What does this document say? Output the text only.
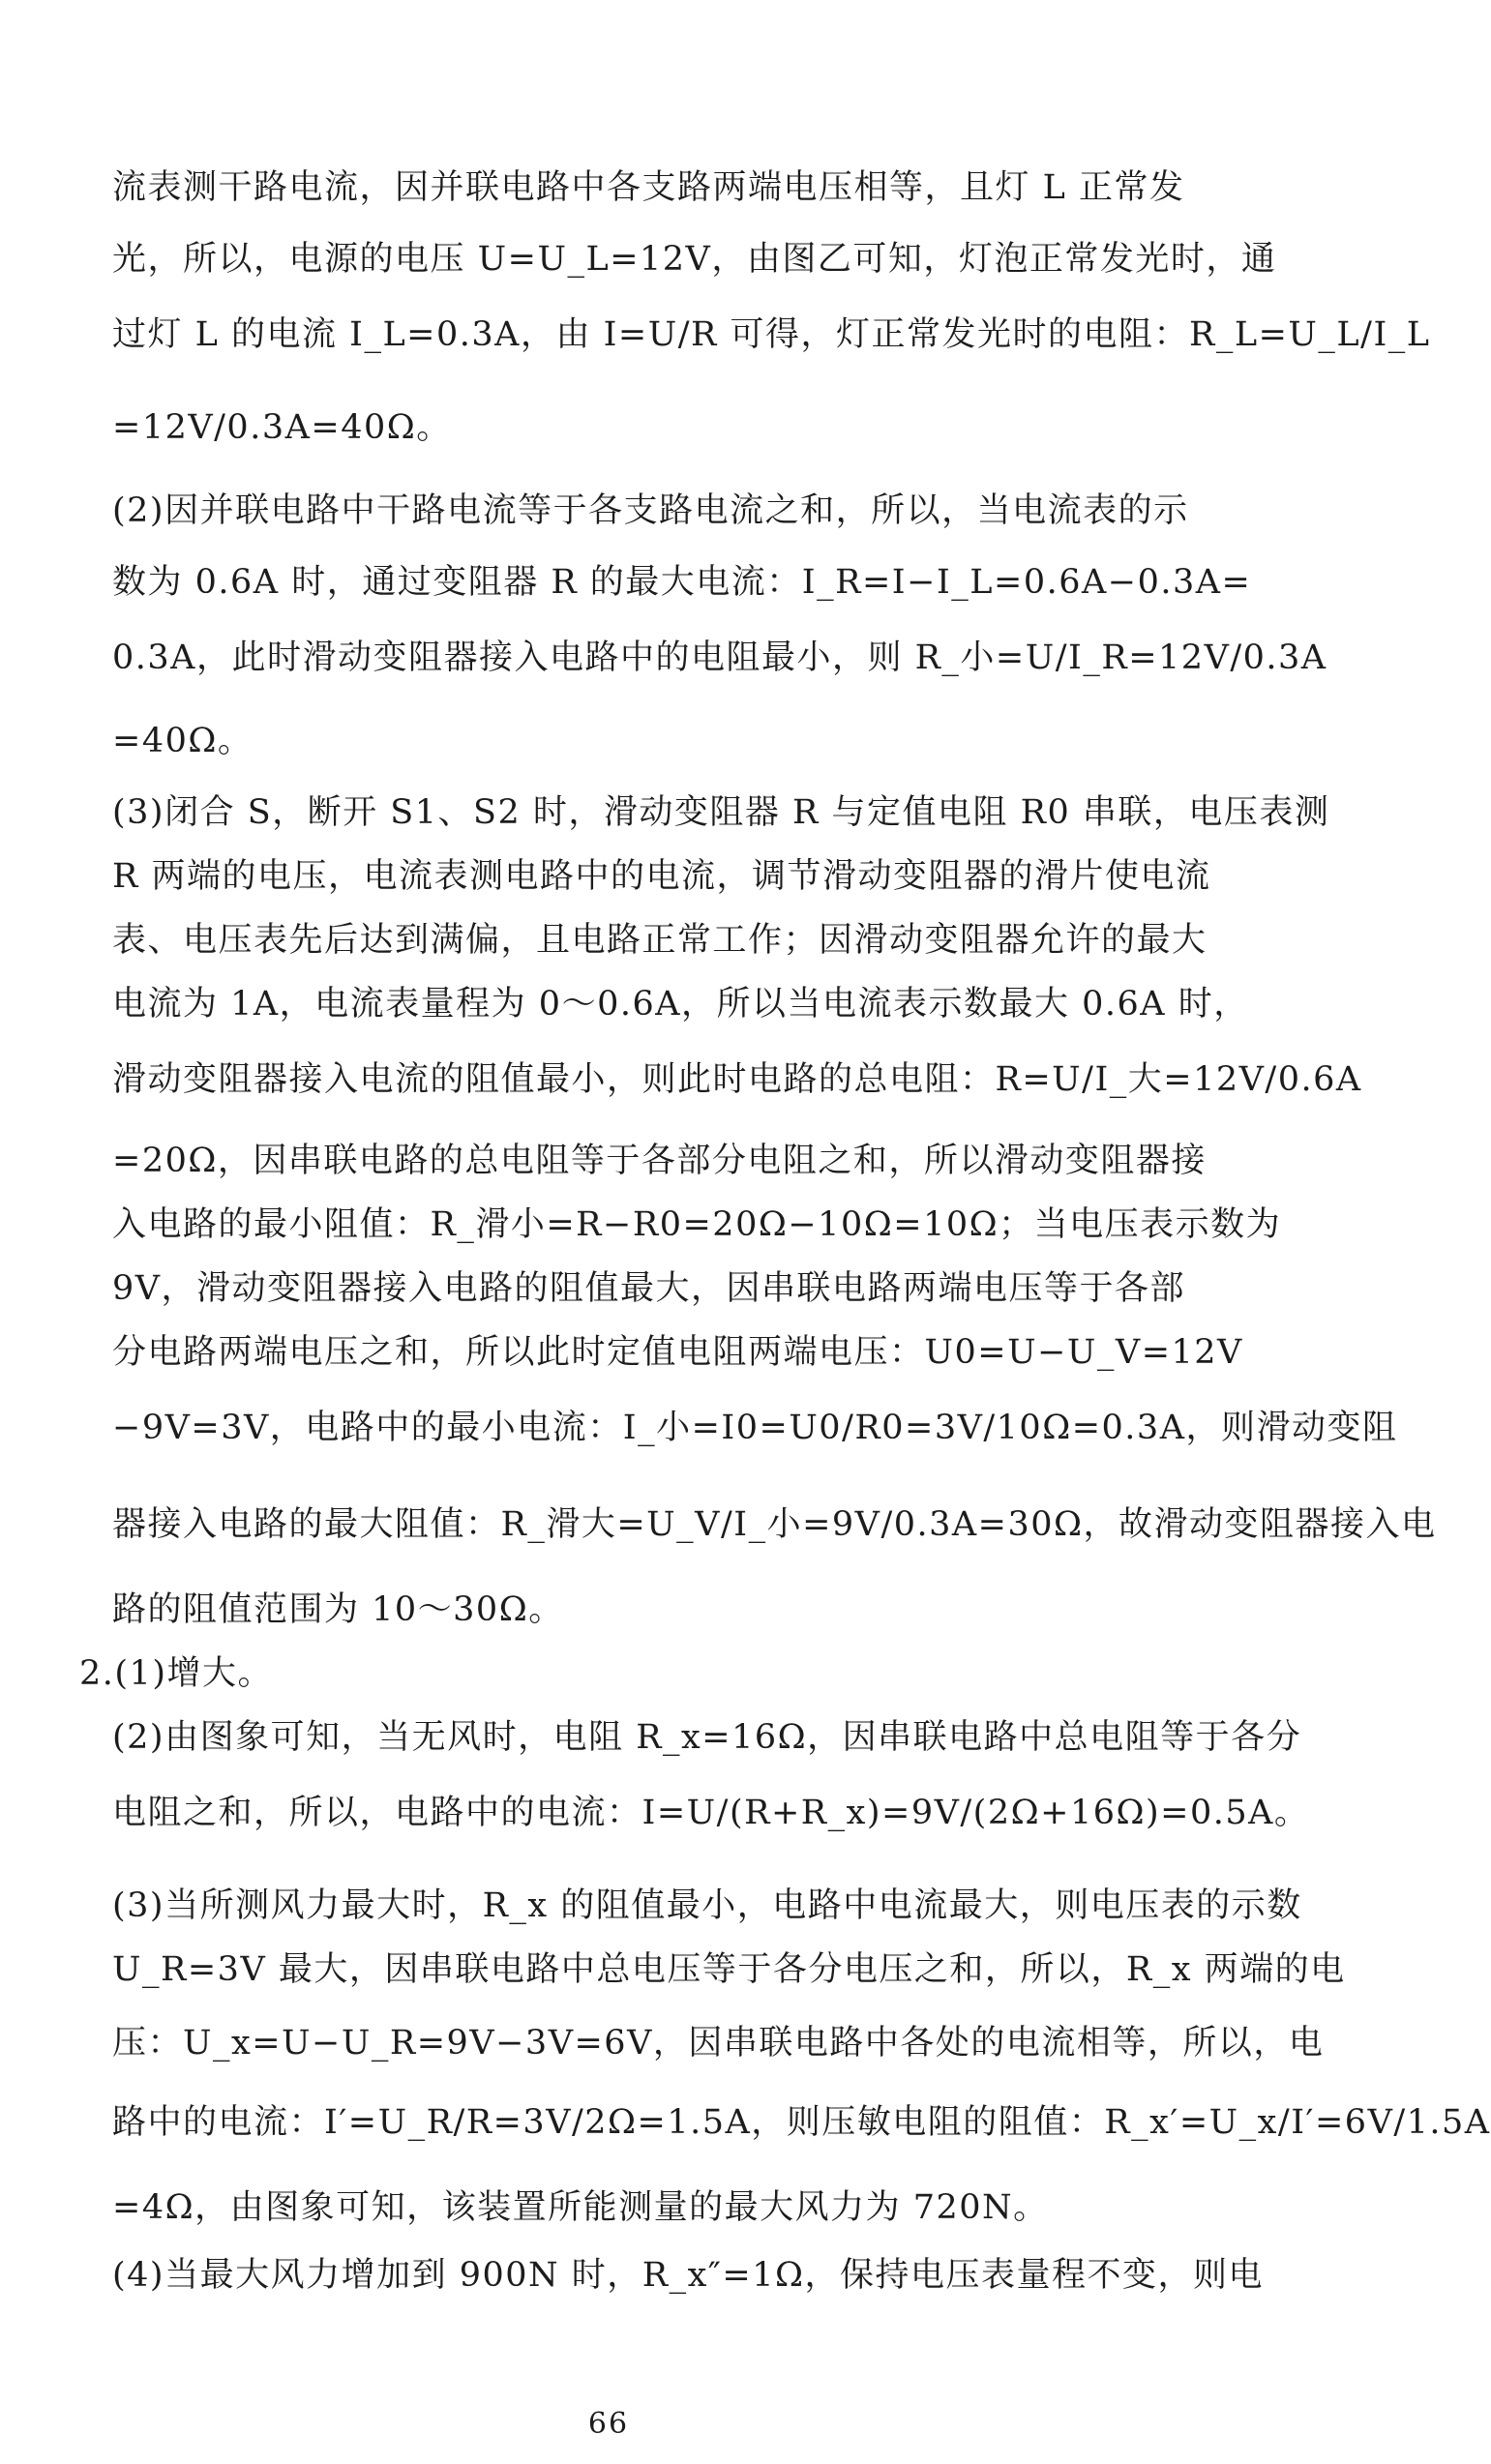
流表测干路电流，因并联电路中各支路两端电压相等，且灯 L 正常发
光，所以，电源的电压 U=U_L=12V，由图乙可知，灯泡正常发光时，通
过灯 L 的电流 I_L=0.3A，由 I=U/R 可得，灯正常发光时的电阻：R_L=U_L/I_L
=12V/0.3A=40Ω。
(2)因并联电路中干路电流等于各支路电流之和，所以，当电流表的示
数为 0.6A 时，通过变阻器 R 的最大电流：I_R=I−I_L=0.6A−0.3A=
0.3A，此时滑动变阻器接入电路中的电阻最小，则 R_小=U/I_R=12V/0.3A
=40Ω。
(3)闭合 S，断开 S1、S2 时，滑动变阻器 R 与定值电阻 R0 串联，电压表测
R 两端的电压，电流表测电路中的电流，调节滑动变阻器的滑片使电流
表、电压表先后达到满偏，且电路正常工作；因滑动变阻器允许的最大
电流为 1A，电流表量程为 0～0.6A，所以当电流表示数最大 0.6A 时，
滑动变阻器接入电流的阻值最小，则此时电路的总电阻：R=U/I_大=12V/0.6A
=20Ω，因串联电路的总电阻等于各部分电阻之和，所以滑动变阻器接
入电路的最小阻值：R_滑小=R−R0=20Ω−10Ω=10Ω；当电压表示数为
9V，滑动变阻器接入电路的阻值最大，因串联电路两端电压等于各部
分电路两端电压之和，所以此时定值电阻两端电压：U0=U−U_V=12V
−9V=3V，电路中的最小电流：I_小=I0=U0/R0=3V/10Ω=0.3A，则滑动变阻
器接入电路的最大阻值：R_滑大=U_V/I_小=9V/0.3A=30Ω，故滑动变阻器接入电
路的阻值范围为 10～30Ω。
2.(1)增大。
(2)由图象可知，当无风时，电阻 R_x=16Ω，因串联电路中总电阻等于各分
电阻之和，所以，电路中的电流：I=U/(R+R_x)=9V/(2Ω+16Ω)=0.5A。
(3)当所测风力最大时，R_x 的阻值最小，电路中电流最大，则电压表的示数
U_R=3V 最大，因串联电路中总电压等于各分电压之和，所以，R_x 两端的电
压：U_x=U−U_R=9V−3V=6V，因串联电路中各处的电流相等，所以，电
路中的电流：I′=U_R/R=3V/2Ω=1.5A，则压敏电阻的阻值：R_x′=U_x/I′=6V/1.5A
=4Ω，由图象可知，该装置所能测量的最大风力为 720N。
(4)当最大风力增加到 900N 时，R_x″=1Ω，保持电压表量程不变，则电
66
